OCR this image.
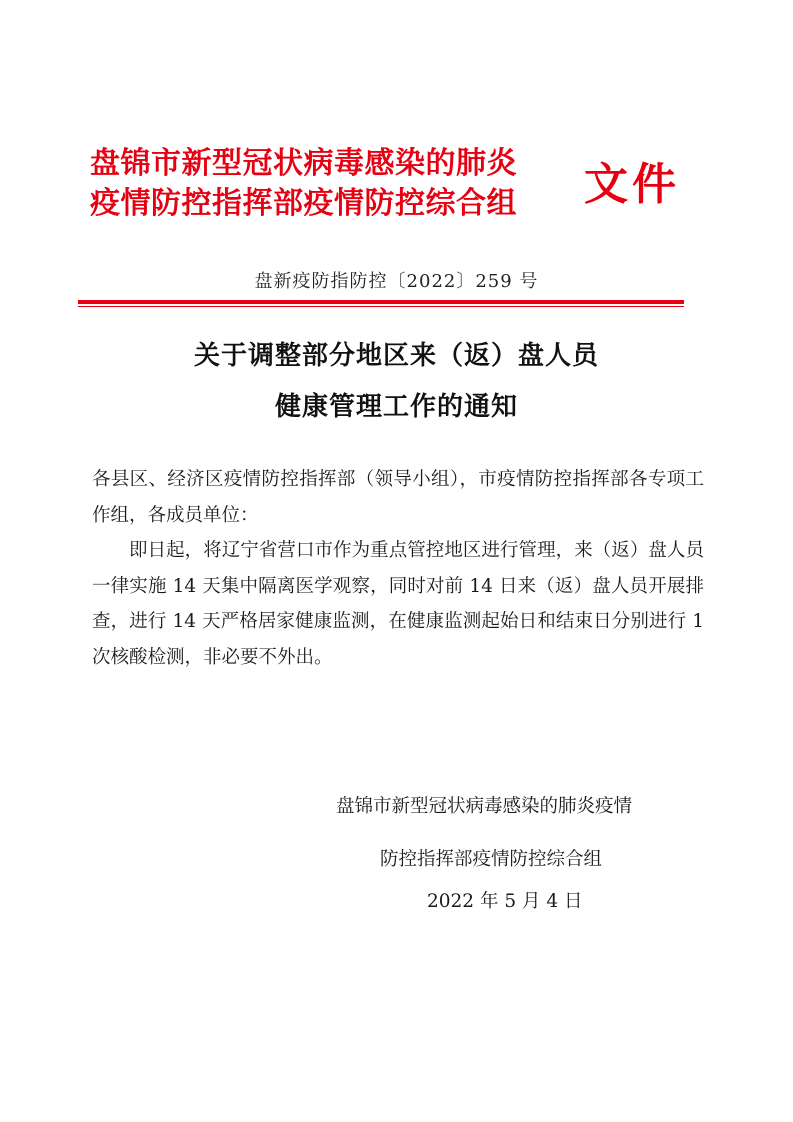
盘锦市新型冠状病毒感染的肺炎
疫情防控指挥部疫情防控综合组 文件
盘新疫防指防控〔2022〕259 号
关于调整部分地区来（返）盘人员
健康管理工作的通知

各县区、经济区疫情防控指挥部（领导小组），市疫情防控指挥部各专项工作组，各成员单位：

即日起，将辽宁省营口市作为重点管控地区进行管理，来（返）盘人员一律实施 14 天集中隔离医学观察，同时对前 14 日来（返）盘人员开展排查，进行 14 天严格居家健康监测，在健康监测起始日和结束日分别进行 1 次核酸检测，非必要不外出。

盘锦市新型冠状病毒感染的肺炎疫情
防控指挥部疫情防控综合组
2022 年 5 月 4 日
